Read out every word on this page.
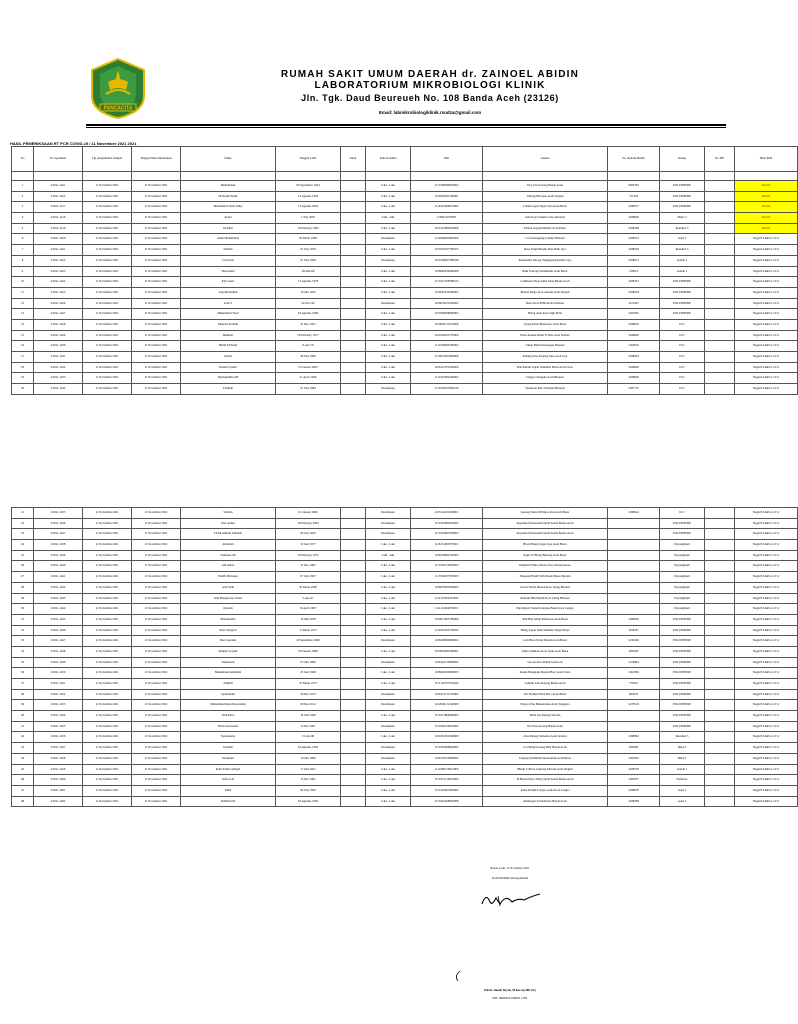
PANCACITA
RUMAH SAKIT UMUM DAERAH dr. ZAINOEL ABIDIN
LABORATORIUM MIKROBIOLOGI KLINIK
Jln. Tgk. Daud Beureueh No. 108 Banda Aceh (23126)
Email: labmikrobiologiklinik.rsudza@gmail.com
HASIL PEMERIKSAAN RT PCR COVID-19 / 11 November 2021 2021
No	No Spesimen	Tgl pengambilan Sampel	Tanggal Hasil dikeluarkan	Nama	Tanggal Lahir	Umur	Jenis Kelamin	NIK	Alamat	No. Rekam Medik	Ruang	No. HP	Hasil PCR

1	2.0611.1421	11 November 2021	11 November 2021	Muhammad	09 September 1944		Laki - Laki	1171090090930002	Dey Ulu Gavong Banda Aceh	0006782	POLI PINERE		Invalid
2	2.0611.1422	11 November 2021	11 November 2021	M Kasim Yusuf	01 Agustus 1959		Laki - Laki	1104030301590001	Umong Bebouen Aceh Tengah	751226	POLI PINERE		Invalid
3	2.0611.1417	11 November 2021	11 November 2021	Muhammad Irsan Saiky	12 Agustus 2002		Laki - Laki	1116101208010002	Lubuk Gapai Jugas Juya Aceh Besar	1298577	POLI PINERE		Invalid
4	2.0611.1419	11 November 2021	11 November 2021	Aviati	1 July 2005		Laki - laki	1106611070005	Jada Kaya Seumir Cane Amorian	1298606	Mbna 3		Invalid
5	2.0611.1419	11 November 2021	11 November 2021	M Tahir	19 February 1995		Laki - Laki	1105121802950008	Pantan Seypian Rimbo Aceh Pinus	1298568	Residual 3		Invalid
6	2.0611.1420	11 November 2021	11 November 2021	Amin Muhammad	02 Maret 1996		Perempuan	1111846203965006	Cot Kenangung Joumps Bireuen	1298552	Aqsa 3		Negatif SARS-CoV-2
7	2.0611.1421	11 November 2021	11 November 2021	Nafilah	01 July 1976		Laki - Laki	1107024107760073	Desa Tujuh Bandar Dua Pidie Jaya	1298529	Residual 3		Negatif SARS-CoV-2
8	2.0611.1422	11 November 2021	11 November 2021	Cut Kade	01 July 1958		Perempuan	1107206407580038	Peukeudah Tanong Teunggadong Pidie Jaya	1298613	Arafah 1		Negatif SARS-CoV-2
9	2.0611.1423	11 November 2021	11 November 2021	Basyaudin	28-Des-69		Laki - Laki	1106040812690008	Buki Tanjong Seulimeum Aceh Besar	129914	Arafah 1		Negatif SARS-CoV-2
10	2.0611.1424	11 November 2021	11 November 2021	Edy Gassi	17 Agustus 1978		Laki - Laki	1171021708780013	Lamhasan Shop Sama Jalan Banda Aceh	1298353	POLI PINERE		Negatif SARS-CoV-2
11	2.0611.1425	11 November 2021	11 November 2021	Asyudin Rahim	19 Okt 1959		Laki - Laki	1104061910590005	Meuoh Mega Ata Lunsung Aceh Tengah	1298478	POLI PINERE		Negatif SARS-CoV-2
12	2.0611.1426	11 November 2021	11 November 2021	Lella S	22-Nov-62		Perempuan	1106076211620002	Desa Dood Billivah Aceh Besar	1013437	POLI PINERE		Negatif SARS-CoV-2
13	2.0611.1427	11 November 2021	11 November 2021	Muhammad Yusri	03 Agustus 1990		Laki - Laki	1107090308900003	Blang Asan Kota Sigli Pidie	1281839	POLI PINERE		Negatif SARS-CoV-2
14	2.0611.1428	11 November 2021	11 November 2021	Mustafa Ibrahim	31 Des 1957		Laki - Laki	1104993112570008	Ujong Drien Meureubo Aceh Barat	1298635	ICU		Negatif SARS-CoV-2
15	2.0611.1429	11 November 2021	11 November 2021	Mukhtar	26 February 1977		Laki - Laki	1101026102770009	Pasie Asahan Kilun II Titas Aceh Selatan	1298640	ICU		Negatif SARS-CoV-2
16	2.0611.1430	11 November 2021	11 November 2021	Halim M Yusuf	8-Apr-78		Laki - Laki	1111030904780002	Uman Bisen Peusangan Bireuen	1164816	ICU		Negatif SARS-CoV-2
17	2.0611.1431	11 November 2021	11 November 2021	Ismail	26 July 1969		Laki - Laki	1113032307690008	Padang Data Krueng Sabe Aceh Jaya	1298644	ICU		Negatif SARS-CoV-2
18	2.0611.1432	11 November 2021	11 November 2021	Nusam Syahril	25 Januari 2003		Laki - Laki	1106112701030006	Ban Kuburi Gajah Samalina Besar Aceh Utara	1298648	ICU		Negatif SARS-CoV-2
19	2.0611.1433	11 November 2021	11 November 2021	Djamaluddin AB	21 April 1946		Laki - Laki	1111022004460002	Janggot Sangujia Aceh Bireuen	1298649	ICU		Negatif SARS-CoV-2
20	2.0611.1434	11 November 2021	11 November 2021	Fatimah	01 July 1984		Perempuan	1111904107840018	Seunebok Baro Peudada Bireuen	1287735	ICU		Negatif SARS-CoV-2
21	2.0611.1435	11 November 2021	11 November 2021	Salbiah	01 Januari 1990		Perempuan	1103124101900001	Gunong Mata Ill Pintoe Rou Aceh Besar	1298644	ICU		Negatif SARS-CoV-2
22	2.0611.1436	11 November 2021	11 November 2021	Dwi Ardini	18 February 2004		Perempuan	1171045802040002	Kopelma Darussalam Syiah Kuala Banda Aceh		POLI PINERE		Negatif SARS-CoV-2
23	2.0611.1437	11 November 2021	11 November 2021	TYAh Amirah Salbiasti	06 July 2003		Perempuan	1171044607030003	Kopelma Darussalam Syiah Kuala Banda Aceh		POLI PINERE		Negatif SARS-CoV-2
24	2.0611.1438	11 November 2021	11 November 2021	Abdullah	10 Juni 1977		Laki - Laki	1116151006770001	Blooh Blang Jugas Juya Aceh Besar		Jinyonghjum		Negatif SARS-CoV-2
25	2.0611.1439	11 November 2021	11 November 2021	Nahnuni Oll	16 February 1972		Laki - laki	1106256802720003	Pujut Ur Blang Bintang Aceh Besar		Jinyonghjum		Negatif SARS-CoV-2
26	2.0611.1440	11 November 2021	11 November 2021	Adi Akbar	31 Des 1985		Laki - Laki	1171062112850003	Dumpbut Yimar Moura Sara Sholastansara		Jinyonghjum		Negatif SARS-CoV-2
27	2.0611.1441	11 November 2021	11 November 2021	Hadifi Mirinqan	07 July 1997		Laki - Laki	1117064707970003	Nunpang Hadih Wih Pesam Bener Meriah		Jinyonghjum		Negatif SARS-CoV-2
28	2.0611.1442	11 November 2021	11 November 2021	Adri Sirin	30 Maret 2000		Laki - Laki	1106078303000003	Lau Ur Darul Imarah Kota Jaring Bireuen		Jinyonghjum		Negatif SARS-CoV-2
29	2.0611.1443	11 November 2021	11 November 2021	Arul Bangsawan Chana	5-Apr-47		Laki - Laki	1111135504470000	Rabsam Bhe Bandir Kota Jaring Bireuen		Jinyonghjum		Negatif SARS-CoV-2
30	2.0611.1444	11 November 2021	11 November 2021	Qurasih	16 April 1967		Laki - Laki	1111111604670001	Puja Rujoh Tongah Lunjuss Bener Kota Langsa		Jinyonghjum		Negatif SARS-CoV-2
31	2.0611.1445	11 November 2021	11 November 2021	Murubuddin	14 Mei 1978		Laki - Laki	1109011405780008	Tadi Blie Jeliun Pabbayan Aceh Besar	1288946	POLI PINERE		Negatif SARS-CoV-2
32	2.0611.1446	11 November 2021	11 November 2021	Ikan Ghayyun	11 Maret 1975		Laki - Laki	1111061103750003	Blang Sapok Suka Makmur Nagan Raya	1058197	POLI PINERE		Negatif SARS-CoV-2
33	2.0611.1447	11 November 2021	11 November 2021	Dara Septiani	29 September 1969		Perempuan	1106296909690002	Lam Bisra Darul Imarah Aceh Besar	1236160	POLI PINERE		Negatif SARS-CoV-2
34	2.0611.1448	11 November 2021	11 November 2021	Rahmat Sorjani	09 Januari 1998		Laki - Laki	1074062901980001	Jambo Mahrase Kota Jantu Aceh Besar	1095267	POLI PINERE		Negatif SARS-CoV-2
35	2.0611.1449	11 November 2021	11 November 2021	Nurjannah	07 Okt 1969		Perempuan	1106144710690002	Sara Aceh Lambuk Sodcacoh	1124964	POLI PINERE		Negatif SARS-CoV-2
36	2.0611.1450	11 November 2021	11 November 2021	Muhammad Abdullah	23 Juni 1990		Laki - Laki	1108062306900003	Keude Bungkoth Meurai Baro Aceh Utara	1261984	POLI PINERE		Negatif SARS-CoV-2
37	2.0611.1451	11 November 2021	11 November 2021	Zulkifli	27 Maret 1975		Laki - Laki	1171102703750024	Lamtuh Ulee Kareng Banda Aceh	778161	POLI PINERE		Negatif SARS-CoV-2
38	2.0611.1452	11 November 2021	11 November 2021	Syahrinaini	09 Des 1973		Perempuan	1106114712730002	Lhr Prumeat Batu Baro Aceh Besar	665633	POLI PINERE		Negatif SARS-CoV-2
39	2.0611.1453	11 November 2021	11 November 2021	Muhammad Kurn Rusyendha	09 Des 2014		Perempuan	1102040112140009	Pirapo Ulhe Beheundeun Aceh Tenggara	1278516	POLI PINERE		Negatif SARS-CoV-2
40	2.0611.1454	11 November 2021	11 November 2021	Yudi Putra	18 Juni 1990		Laki - Laki	1171011806900003	Muru Air Padang Sibolan		POLI PINERE		Negatif SARS-CoV-2
41	2.0611.1455	11 November 2021	11 November 2021	Fitria Irnawadesi	12 Des 2001		Perempuan	1171095212010002	Ilie Ulee Kareng Banda Aceh		POLI PINERE		Negatif SARS-CoV-2
42	2.0611.1456	11 November 2021	11 November 2021	Syarunnaha	15-Jan-96		Laki - Laki	1101061501960006	Alue Pinang Samadua Aceh Selatan	1298862	Residual 3		Negatif SARS-CoV-2
43	2.0611.1457	11 November 2021	11 November 2021	Ibrahim	16 Agustus 1964		Perempuan	1171095608640002	Cot Masjid Leung Bata Banda Aceh	826309	Mina 3		Negatif SARS-CoV-2
44	2.0611.1458	11 November 2021	11 November 2021	Nurulaini	10 Okt 1969		Perempuan	1106155010690002	Tanjung Seulimum Darussalam Aceh Besar	1263643	Mina 3		Negatif SARS-CoV-2
45	2.0611.1459	11 November 2021	11 November 2021	Rolfi Fatma Alfiqah	17 Juni 2021		Laki - Laki	1111066170621000	Blirah V Barra Gamong Matoah Aceh Singkil	1298578	Arafah 1		Negatif SARS-CoV-2
46	2.0611.1460	11 November 2021	11 November 2021	Safara LR	15 Des 1961		Laki - Laki	1171051112610004	Ill Banan Raya Jaling Syiah Kuala Banda Aceh	1285057	Nafiswer		Negatif SARS-CoV-2
47	2.0611.1461	11 November 2021	11 November 2021	Ismet	04 July 1962		Laki - Laki	1171403407620002	Jeube Pondik Langsa Lama Kota Langsa	1298678	Aqsa 2		Negatif SARS-CoV-2
48	2.0611.1462	11 November 2021	11 November 2021	Delfhani M	02 Agustus 1995		Laki - Laki	1171042208950008	Ambiegun Syiah Kuala Banda Aceh	1298588	Aqsa 3		Negatif SARS-CoV-2
Banda Aceh, 11 November 2021
Ka.KSM Mikrobiologi Klinik
DR.dr. Daniel Ilyyeh, M.Kes.Sp.MK (K)
NIP. 19640810 199803 2 001
